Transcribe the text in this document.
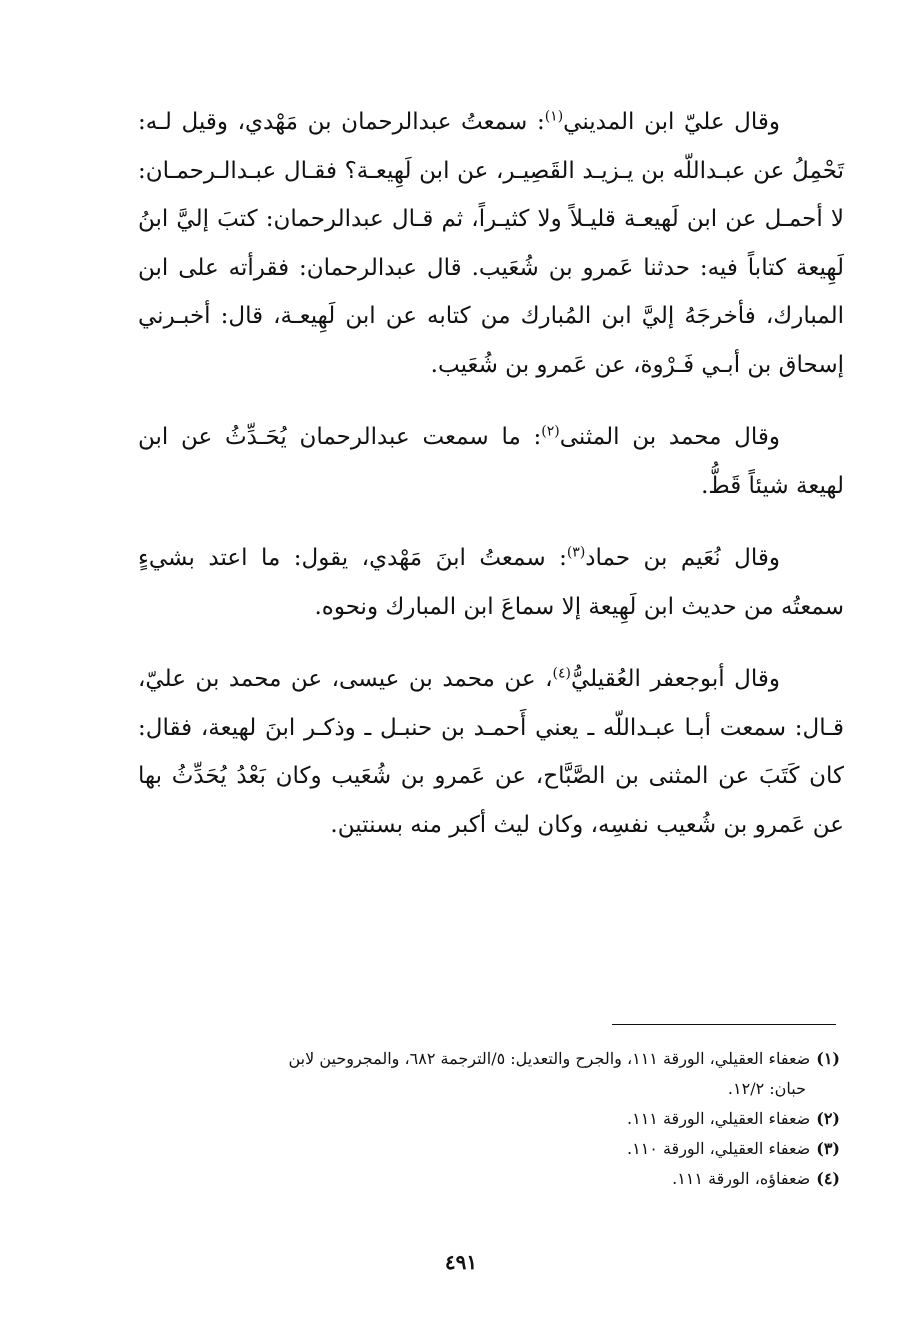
وقال عليّ ابن المديني$^{(١)}$: سمعتُ عبدالرحمان بن مَهْدي، وقيل لـه: تَحْمِلُ عن عبـداللّه بن يـزيـد القَصِيـر، عن ابن لَهِيعـة؟ فقـال عبـدالـرحمـان: لا أحمـل عن ابن لَهيعـة قليـلاً ولا كثيـراً، ثم قـال عبدالرحمان: كتبَ إليَّ ابنُ لَهِيعة كتاباً فيه: حدثنا عَمرو بن شُعَيب. قال عبدالرحمان: فقرأته على ابن المبارك، فأخرجَهُ إليَّ ابن المُبارك من كتابه عن ابن لَهِيعـة، قال: أخبـرني إسحاق بن أبـي فَـرْوة، عن عَمرو بن شُعَيب.

وقال محمد بن المثنى$^{(٢)}$: ما سمعت عبدالرحمان يُحَـدِّثُ عن ابن لهيعة شيئاً قَطُّ.

وقال نُعَيم بن حماد$^{(٣)}$: سمعتُ ابنَ مَهْدي، يقول: ما اعتد بشيءٍ سمعتُه من حديث ابن لَهِيعة إلا سماعَ ابن المبارك ونحوه.

وقال أبوجعفر العُقيليُّ$^{(٤)}$، عن محمد بن عيسى، عن محمد بن عليّ، قـال: سمعت أبـا عبـداللّه ـ يعني أَحمـد بن حنبـل ـ وذكـر ابنَ لهيعة، فقال: كان كَتَبَ عن المثنى بن الصَّبَّاح، عن عَمرو بن شُعَيب وكان بَعْدُ يُحَدِّثُ بها عن عَمرو بن شُعيب نفسِه، وكان ليث أكبر منه بسنتين.

(١)ضعفاء العقيلي، الورقة ١١١، والجرح والتعديل: ٥/الترجمة ٦٨٢، والمجروحين لابن

حبان: ١٢/٢.

(٢)ضعفاء العقيلي، الورقة ١١١.

(٣)ضعفاء العقيلي، الورقة ١١٠.

(٤)ضعفاؤه، الورقة ١١١.

٤٩١
